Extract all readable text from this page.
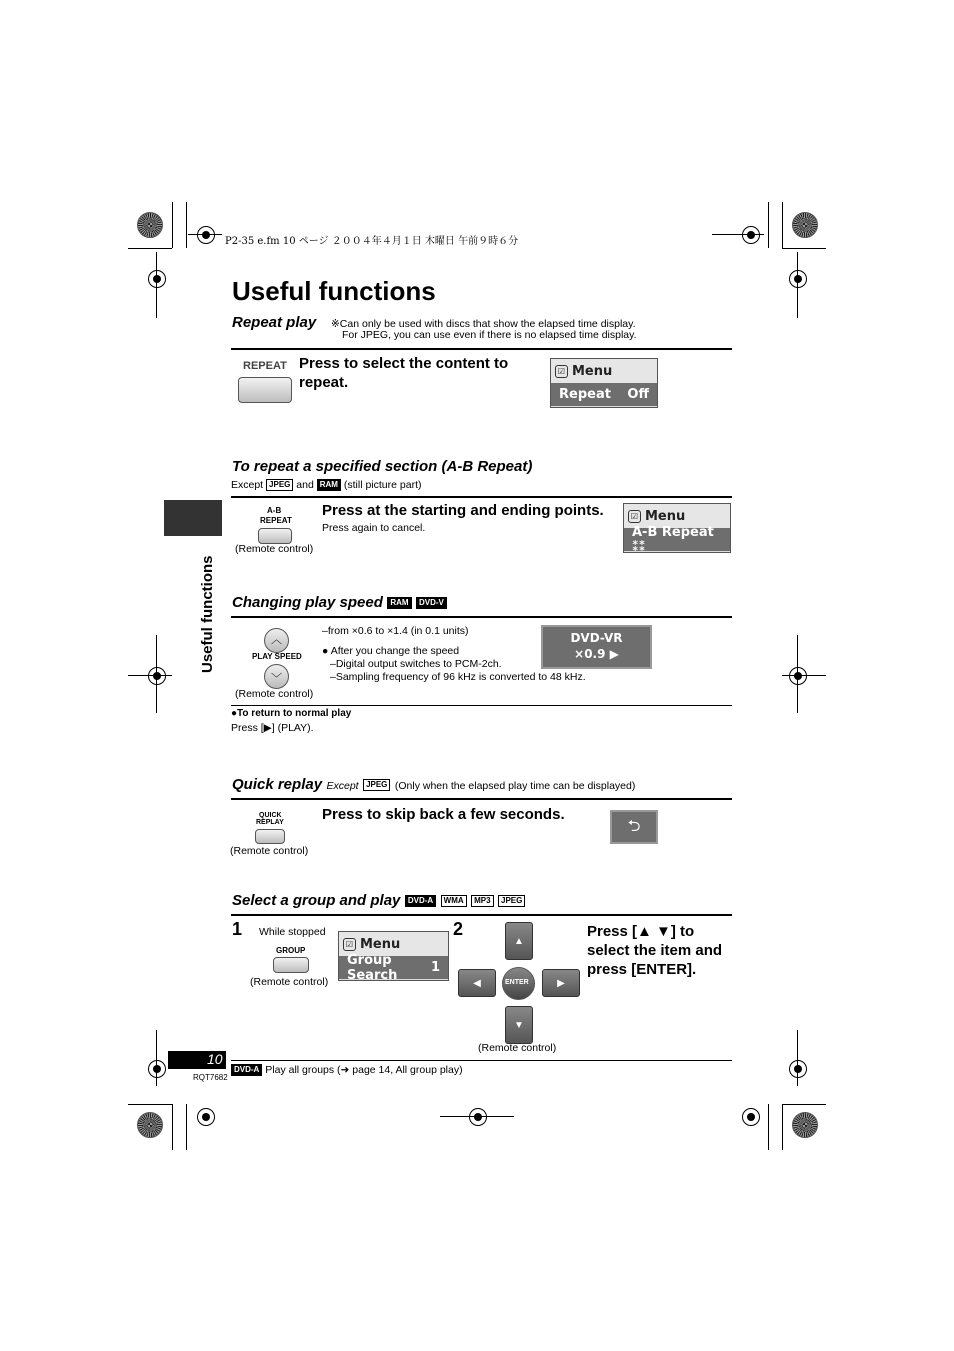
P2-35 e.fm 10 ページ ２００４年４月１日 木曜日 午前９時６分
Useful functions
Useful functions
Repeat play ※Can only be used with discs that show the elapsed time display.
For JPEG, you can use even if there is no elapsed time display.
REPEAT Press to select the content to repeat.
☑ Menu
Repeat Off
To repeat a specified section (A-B Repeat)
Except JPEG and RAM (still picture part)
A-B
REPEAT
(Remote control)
Press at the starting and ending points.
Press again to cancel.
☑ Menu
A-B Repeat ⁑⁑
Changing play speed RAM DVD-V
︿
PLAY SPEED
﹀
(Remote control)
–from ×0.6 to ×1.4 (in 0.1 units)
● After you change the speed
–Digital output switches to PCM-2ch.
–Sampling frequency of 96 kHz is converted to 48 kHz.
DVD-VR
×0.9 ▶
●To return to normal play
Press [▶] (PLAY).
Quick replay Except JPEG (Only when the elapsed play time can be displayed)
QUICK
REPLAY
(Remote control)
Press to skip back a few seconds.
⮌
Select a group and play DVD-A WMA MP3 JPEG
1 While stopped
GROUP
(Remote control)
☑ Menu
Group Search	1
2
▲
◀	ENTER	▶
▼
(Remote control)
Press [▲ ▼] to select the item and press [ENTER].
10
RQT7682
DVD-A Play all groups (➜ page 14, All group play)
